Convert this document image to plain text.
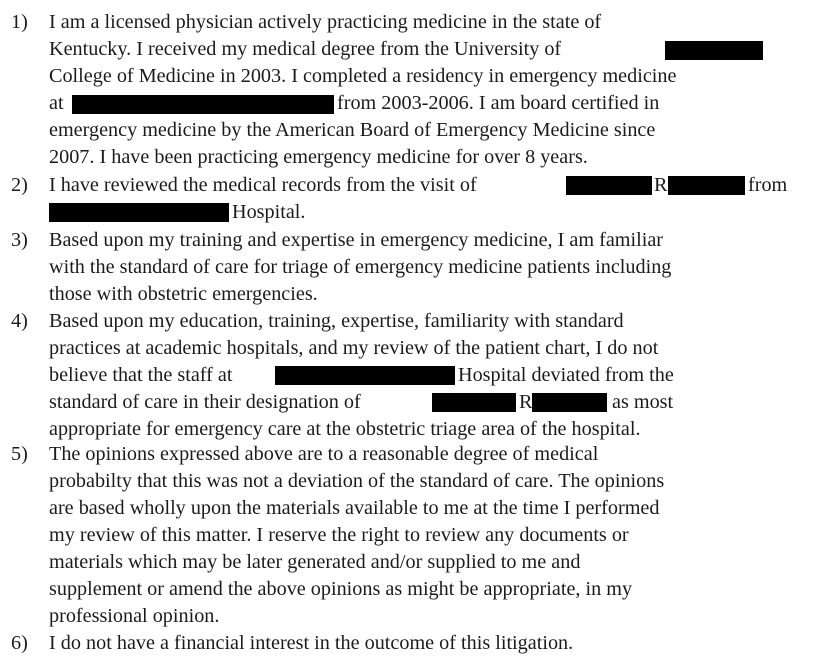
1) I am a licensed physician actively practicing medicine in the state of
Kentucky. I received my medical degree from the University of
College of Medicine in 2003. I completed a residency in emergency medicine
at	from 2003-2006. I am board certified in
emergency medicine by the American Board of Emergency Medicine since
2007. I have been practicing emergency medicine for over 8 years.
2) I have reviewed the medical records from the visit of	R	from
Hospital.
3) Based upon my training and expertise in emergency medicine, I am familiar
with the standard of care for triage of emergency medicine patients including
those with obstetric emergencies.
4) Based upon my education, training, expertise, familiarity with standard
practices at academic hospitals, and my review of the patient chart, I do not
believe that the staff at	Hospital deviated from the
standard of care in their designation of	R	as most
appropriate for emergency care at the obstetric triage area of the hospital.
5) The opinions expressed above are to a reasonable degree of medical
probabilty that this was not a deviation of the standard of care. The opinions
are based wholly upon the materials available to me at the time I performed
my review of this matter. I reserve the right to review any documents or
materials which may be later generated and/or supplied to me and
supplement or amend the above opinions as might be appropriate, in my
professional opinion.
6) I do not have a financial interest in the outcome of this litigation.
